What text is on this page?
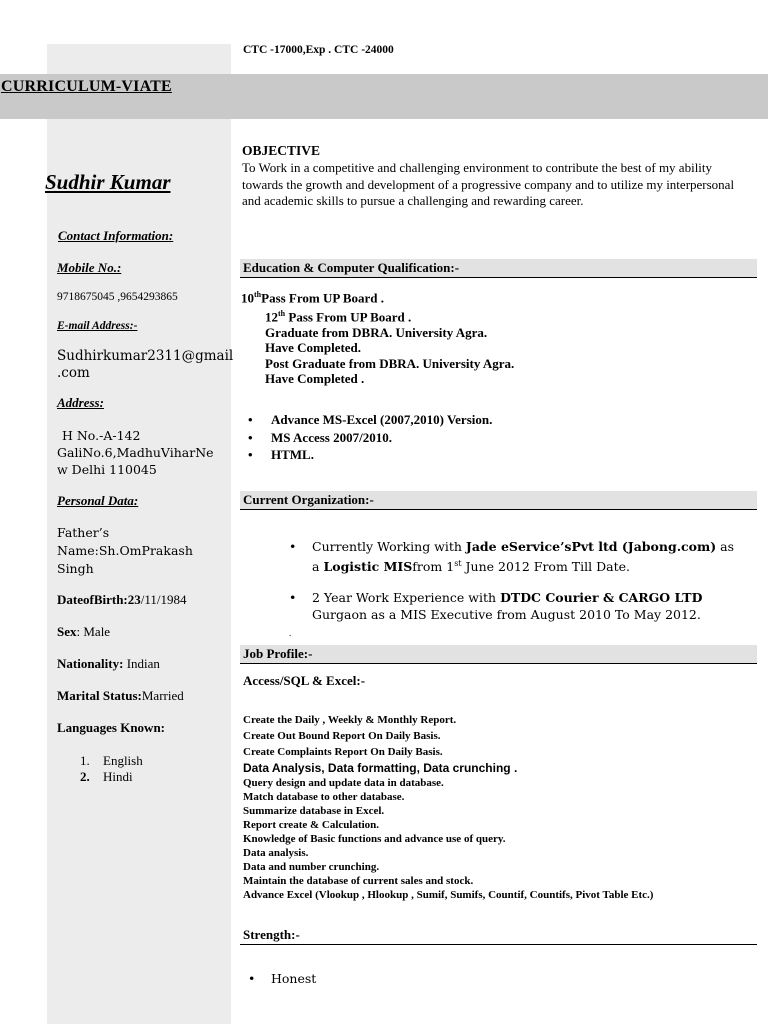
CURRICULUM-VIATE
CTC -17000,Exp . CTC -24000
Sudhir Kumar
Contact Information:
Mobile No.:
9718675045 ,9654293865
E-mail Address:-
Sudhirkumar2311@gmail
.com
Address:
H No.-A-142
GaliNo.6,MadhuViharNe
w Delhi 110045
Personal Data:
Father’s
Name:Sh.OmPrakash
Singh
DateofBirth:23/11/1984
Sex: Male
Nationality: Indian
Marital Status:Married
Languages Known:
1. English
2. Hindi
OBJECTIVE
To Work in a competitive and challenging environment to contribute the best of my ability towards the growth and development of a progressive company and to utilize my interpersonal and academic skills to pursue a challenging and rewarding career.
Education & Computer Qualification:-
10thPass From UP Board .
12th Pass From UP Board .
Graduate from DBRA. University Agra.
Have Completed.
Post Graduate from DBRA. University Agra.
Have Completed .
• Advance MS-Excel (2007,2010) Version.
• MS Access 2007/2010.
• HTML.
Current Organization:-
• Currently Working with Jade eService’sPvt ltd (Jabong.com) as a Logistic MISfrom 1st June 2012 From Till Date.
• 2 Year Work Experience with DTDC Courier & CARGO LTD
Gurgaon as a MIS Executive from August 2010 To May 2012.
.
Job Profile:-
Access/SQL & Excel:-
Create the Daily , Weekly & Monthly Report.
Create Out Bound Report On Daily Basis.
Create Complaints Report On Daily Basis.
Data Analysis, Data formatting, Data crunching .
Query design and update data in database.
Match database to other database.
Summarize database in Excel.
Report create & Calculation.
Knowledge of Basic functions and advance use of query.
Data analysis.
Data and number crunching.
Maintain the database of current sales and stock.
Advance Excel (Vlookup , Hlookup , Sumif, Sumifs, Countif, Countifs, Pivot Table Etc.)
Strength:-
• Honest
